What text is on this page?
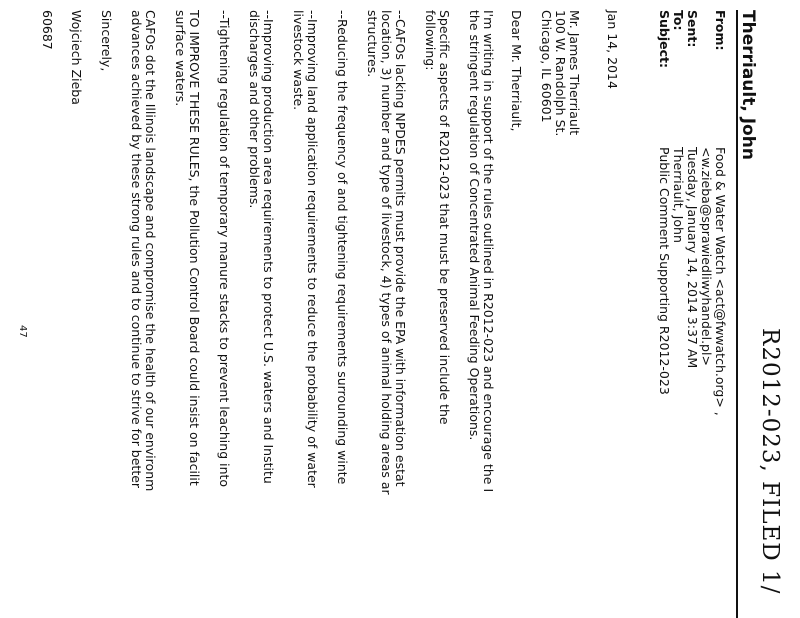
R2012-023, FILED 1/
Therriault, John
From:
Sent:
To:
Subject:
Food & Water Watch <act@fwwatch.org> ,
<w.zieba@sprawiedliwyhandel.pl>
Tuesday, January 14, 2014 3:37 AM
Therriault, John
Public Comment Supporting R2012-023
Jan 14, 2014
Mr. James Therriault
100 W. Randolph St.
Chicago, IL 60601
Dear Mr. Therriault,
I'm writing in support of the rules outlined in R2012-023 and encourage the I
the stringent regulation of Concentrated Animal Feeding Operations.
Specific aspects of R2012-023 that must be preserved include the
following:
--CAFOs lacking NPDES permits must provide the EPA with information estat
location, 3) number and type of livestock, 4) types of animal holding areas ar
structures.
--Reducing the frequency of and tightening requirements surrounding winte
--Improving land application requirements to reduce the probability of water
livestock waste.
--Improving production area requirements to protect U.S. waters and Institu
discharges and other problems.
--Tightening regulation of temporary manure stacks to prevent leaching into
TO IMPROVE THESE RULES, the Pollution Control Board could insist on facilit
surface waters.
CAFOs dot the Illinois landscape and compromise the health of our environm
advances achieved by these strong rules and to continue to strive for better
Sincerely,
Wojciech Zieba
60687
47
